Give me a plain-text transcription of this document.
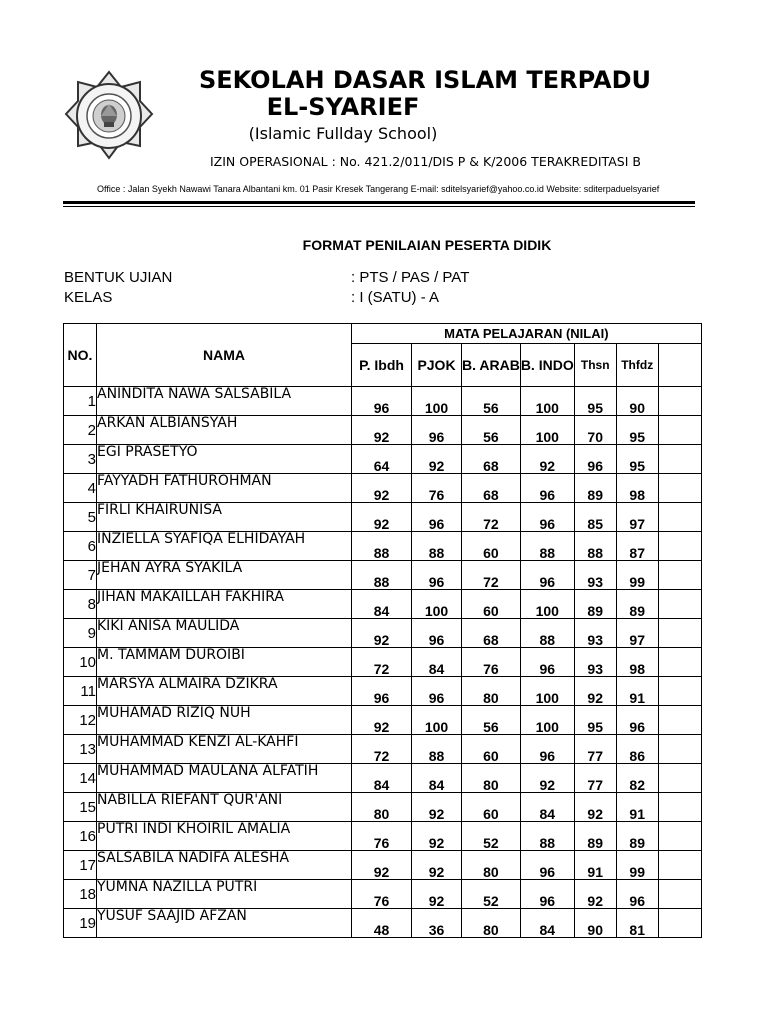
SEKOLAH DASAR ISLAM TERPADU
EL-SYARIEF
(Islamic Fullday School)
IZIN OPERASIONAL : No. 421.2/011/DIS P & K/2006 TERAKREDITASI B
Office : Jalan Syekh Nawawi Tanara Albantani km. 01 Pasir Kresek Tangerang E-mail: sditelsyarief@yahoo.co.id Website: sditerpaduelsyarief
FORMAT PENILAIAN PESERTA DIDIK
BENTUK UJIAN	: PTS / PAS / PAT
KELAS	: I (SATU) - A
NO.	NAMA	MATA PELAJARAN (NILAI)						

		P. Ibdh	PJOK	B. ARAB	B. INDO	Thsn	Thfdz	

1	ANINDITA NAWA SALSABILA	96	100	56	100	95	90	
2	ARKAN ALBIANSYAH	92	96	56	100	70	95	
3	EGI PRASETYO	64	92	68	92	96	95	
4	FAYYADH FATHUROHMAN	92	76	68	96	89	98	
5	FIRLI KHAIRUNISA	92	96	72	96	85	97	
6	INZIELLA SYAFIQA ELHIDAYAH	88	88	60	88	88	87	
7	JEHAN AYRA SYAKILA	88	96	72	96	93	99	
8	JIHAN MAKAILLAH FAKHIRA	84	100	60	100	89	89	
9	KIKI ANISA MAULIDA	92	96	68	88	93	97	
10	M. TAMMAM DUROIBI	72	84	76	96	93	98	
11	MARSYA ALMAIRA DZIKRA	96	96	80	100	92	91	
12	MUHAMAD RIZIQ NUH	92	100	56	100	95	96	
13	MUHAMMAD KENZI AL-KAHFI	72	88	60	96	77	86	
14	MUHAMMAD MAULANA ALFATIH	84	84	80	92	77	82	
15	NABILLA RIEFANT QUR'ANI	80	92	60	84	92	91	
16	PUTRI INDI KHOIRIL AMALIA	76	92	52	88	89	89	
17	SALSABILA NADIFA ALESHA	92	92	80	96	91	99	
18	YUMNA NAZILLA PUTRI	76	92	52	96	92	96	
19	YUSUF SAAJID AFZAN	48	36	80	84	90	81	
